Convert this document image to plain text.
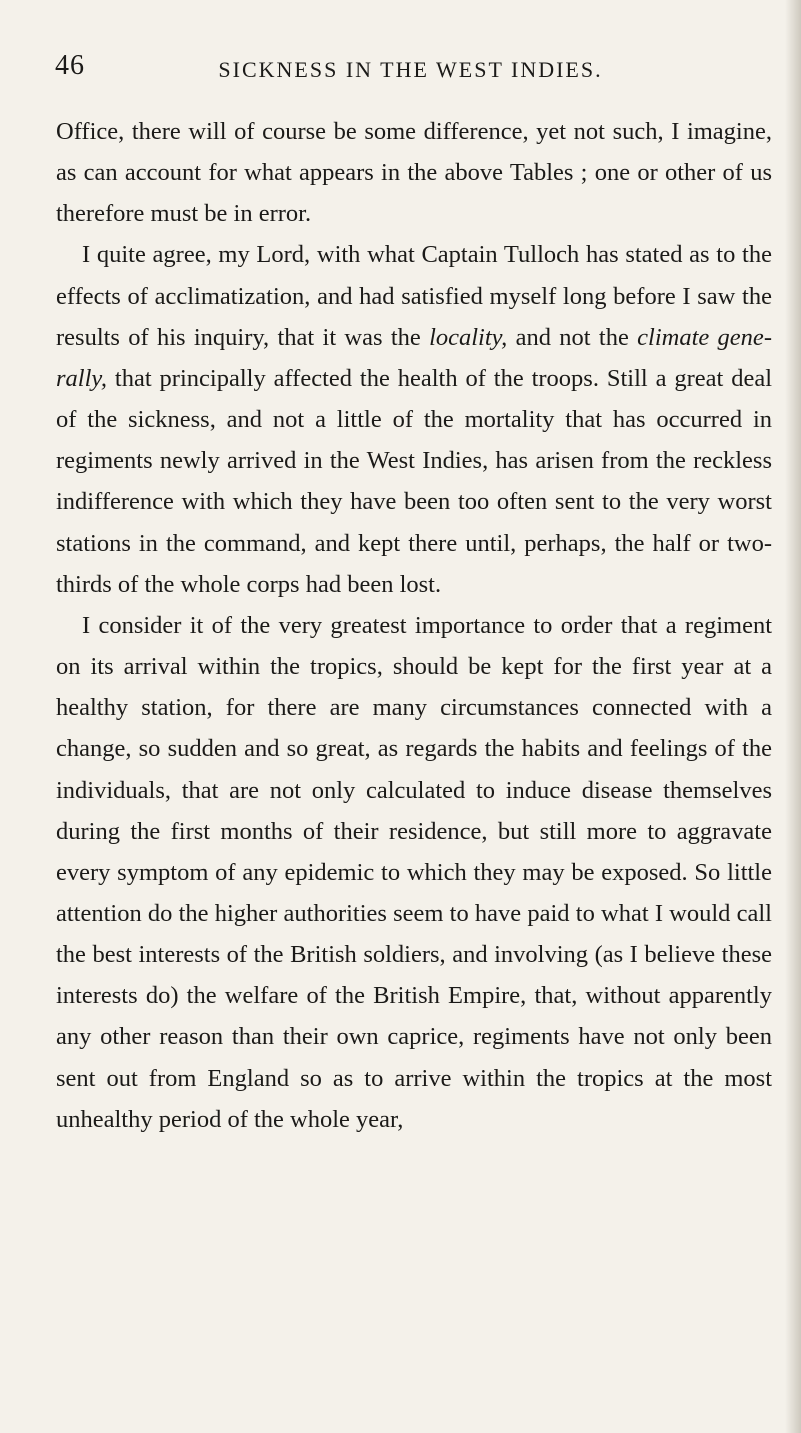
46	SICKNESS IN THE WEST INDIES.

Office, there will of course be some difference, yet not such, I imagine, as can account for what appears in the above Tables ; one or other of us therefore must be in error.

I quite agree, my Lord, with what Captain Tulloch has stated as to the effects of acclimatization, and had satisfied myself long before I saw the results of his inquiry, that it was the locality, and not the climate generally, that principally affected the health of the troops. Still a great deal of the sickness, and not a little of the mortality that has occurred in regiments newly arrived in the West Indies, has arisen from the reckless indifference with which they have been too often sent to the very worst stations in the command, and kept there until, perhaps, the half or two-thirds of the whole corps had been lost.

I consider it of the very greatest importance to order that a regiment on its arrival within the tropics, should be kept for the first year at a healthy station, for there are many circumstances connected with a change, so sudden and so great, as regards the habits and feelings of the individuals, that are not only calculated to induce disease themselves during the first months of their residence, but still more to aggravate every symptom of any epidemic to which they may be exposed. So little attention do the higher authorities seem to have paid to what I would call the best interests of the British soldiers, and involving (as I believe these interests do) the welfare of the British Empire, that, without apparently any other reason than their own caprice, regiments have not only been sent out from England so as to arrive within the tropics at the most unhealthy period of the whole year,
